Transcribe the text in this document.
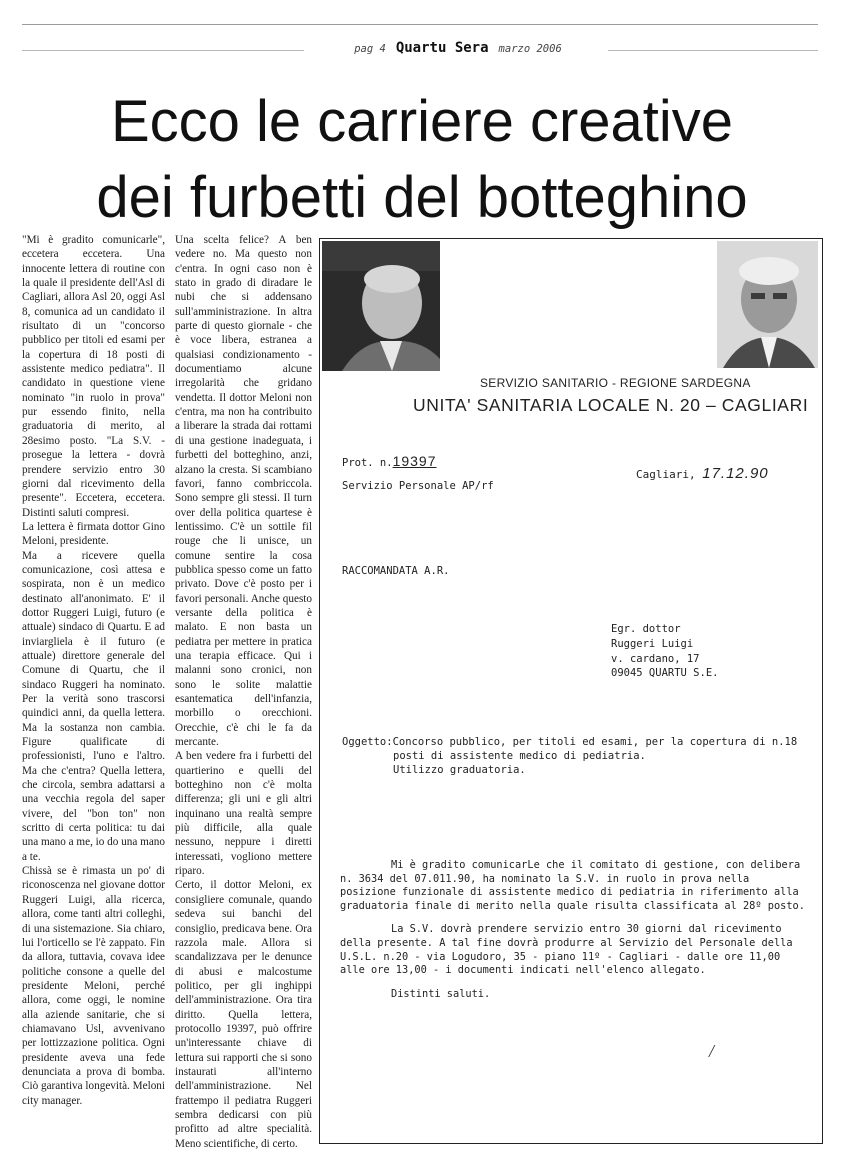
pag 4 Quartu Sera marzo 2006
Ecco le carriere creative
dei furbetti del botteghino

"Mi è gradito comunicarle", eccetera eccetera. Una innocente lettera di routine con la quale il presidente dell'Asl di Cagliari, allora Asl 20, oggi Asl 8, comunica ad un candidato il risultato di un "concorso pubblico per titoli ed esami per la copertura di 18 posti di assistente medico pediatra". Il candidato in questione viene nominato "in ruolo in prova" pur essendo finito, nella graduatoria di merito, al 28esimo posto. "La S.V. - prosegue la lettera - dovrà prendere servizio entro 30 giorni dal ricevimento della presente". Eccetera, eccetera. Distinti saluti compresi.

La lettera è firmata dottor Gino Meloni, presidente.

Ma a ricevere quella comunicazione, così attesa e sospirata, non è un medico destinato all'anonimato. E' il dottor Ruggeri Luigi, futuro (e attuale) sindaco di Quartu. E ad inviargliela è il futuro (e attuale) direttore generale del Comune di Quartu, che il sindaco Ruggeri ha nominato. Per la verità sono trascorsi quindici anni, da quella lettera. Ma la sostanza non cambia. Figure qualificate di professionisti, l'uno e l'altro. Ma che c'entra? Quella lettera, che circola, sembra adattarsi a una vecchia regola del saper vivere, del "bon ton" non scritto di certa politica: tu dai una mano a me, io do una mano a te.

Chissà se è rimasta un po' di riconoscenza nel giovane dottor Ruggeri Luigi, alla ricerca, allora, come tanti altri colleghi, di una sistemazione. Sia chiaro, lui l'orticello se l'è zappato. Fin da allora, tuttavia, covava idee politiche consone a quelle del presidente Meloni, perché allora, come oggi, le nomine alla aziende sanitarie, che si chiamavano Usl, avvenivano per lottizzazione politica. Ogni presidente aveva una fede denunciata a prova di bomba. Ciò garantiva longevità. Meloni city manager.

Una scelta felice? A ben vedere no. Ma questo non c'entra. In ogni caso non è stato in grado di diradare le nubi che si addensano sull'amministrazione. In altra parte di questo giornale - che è voce libera, estranea a qualsiasi condizionamento - documentiamo alcune irregolarità che gridano vendetta. Il dottor Meloni non c'entra, ma non ha contribuito a liberare la strada dai rottami di una gestione inadeguata, i furbetti del botteghino, anzi, alzano la cresta. Si scambiano favori, fanno combriccola. Sono sempre gli stessi. Il turn over della politica quartese è lentissimo. C'è un sottile fil rouge che li unisce, un comune sentire la cosa pubblica spesso come un fatto privato. Dove c'è posto per i favori personali. Anche questo versante della politica è malato. E non basta un pediatra per mettere in pratica una terapia efficace. Qui i malanni sono cronici, non sono le solite malattie esantematica dell'infanzia, morbillo o orecchioni. Orecchie, c'è chi le fa da mercante.

A ben vedere fra i furbetti del quartierino e quelli del botteghino non c'è molta differenza; gli uni e gli altri inquinano una realtà sempre più difficile, alla quale nessuno, neppure i diretti interessati, vogliono mettere riparo.

Certo, il dottor Meloni, ex consigliere comunale, quando sedeva sui banchi del consiglio, predicava bene. Ora razzola male. Allora si scandalizzava per le denunce di abusi e malcostume politico, per gli inghippi dell'amministrazione. Ora tira diritto. Quella lettera, protocollo 19397, può offrire un'interessante chiave di lettura sui rapporti che si sono instaurati all'interno dell'amministrazione. Nel frattempo il pediatra Ruggeri sembra dedicarsi con più profitto ad altre specialità. Meno scientifiche, di certo.

SERVIZIO SANITARIO - REGIONE SARDEGNA
UNITA' SANITARIA LOCALE N. 20 – CAGLIARI
Prot. n.19397
Cagliari, 17.12.90
Servizio Personale AP/rf
RACCOMANDATA A.R.
Egr. dottor
Ruggeri Luigi
v. cardano, 17
09045 QUARTU S.E.
Oggetto:Concorso pubblico, per titoli ed esami, per la copertura di n.18
posti di assistente medico di pediatria.
Utilizzo graduatoria.
Mi è gradito comunicarLe che il comitato di gestione, con delibera
n. 3634 del 07.011.90, ha nominato la S.V. in ruolo in prova nella
posizione funzionale di assistente medico di pediatria in riferimento alla
graduatoria finale di merito nella quale risulta classificata al 28º posto.
La S.V. dovrà prendere servizio entro 30 giorni dal ricevimento
della presente. A tal fine dovrà produrre al Servizio del Personale della
U.S.L. n.20 - via Logudoro, 35 - piano 11º - Cagliari - dalle ore 11,00
alle ore 13,00 - i documenti indicati nell'elenco allegato.
Distinti saluti.
/
